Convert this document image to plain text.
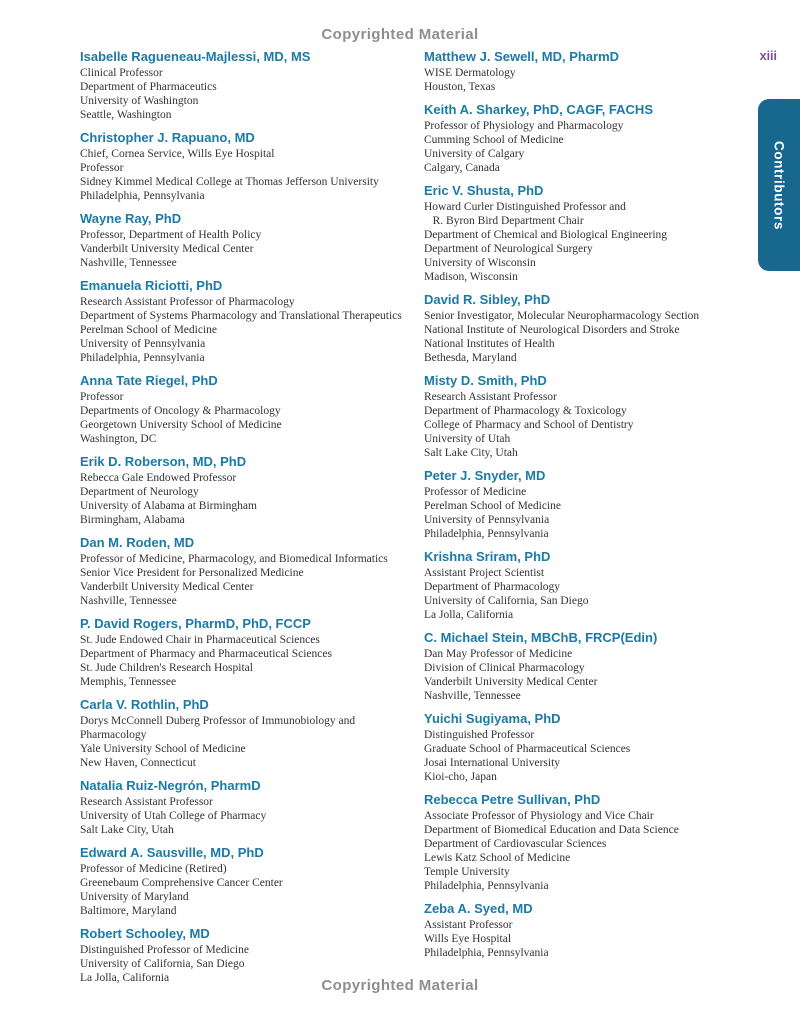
Copyrighted Material
xiii
Contributors
Isabelle Ragueneau-Majlessi, MD, MS
Clinical Professor
Department of Pharmaceutics
University of Washington
Seattle, Washington
Christopher J. Rapuano, MD
Chief, Cornea Service, Wills Eye Hospital
Professor
Sidney Kimmel Medical College at Thomas Jefferson University
Philadelphia, Pennsylvania
Wayne Ray, PhD
Professor, Department of Health Policy
Vanderbilt University Medical Center
Nashville, Tennessee
Emanuela Riciotti, PhD
Research Assistant Professor of Pharmacology
Department of Systems Pharmacology and Translational Therapeutics
Perelman School of Medicine
University of Pennsylvania
Philadelphia, Pennsylvania
Anna Tate Riegel, PhD
Professor
Departments of Oncology & Pharmacology
Georgetown University School of Medicine
Washington, DC
Erik D. Roberson, MD, PhD
Rebecca Gale Endowed Professor
Department of Neurology
University of Alabama at Birmingham
Birmingham, Alabama
Dan M. Roden, MD
Professor of Medicine, Pharmacology, and Biomedical Informatics
Senior Vice President for Personalized Medicine
Vanderbilt University Medical Center
Nashville, Tennessee
P. David Rogers, PharmD, PhD, FCCP
St. Jude Endowed Chair in Pharmaceutical Sciences
Department of Pharmacy and Pharmaceutical Sciences
St. Jude Children's Research Hospital
Memphis, Tennessee
Carla V. Rothlin, PhD
Dorys McConnell Duberg Professor of Immunobiology and
Pharmacology
Yale University School of Medicine
New Haven, Connecticut
Natalia Ruiz-Negrón, PharmD
Research Assistant Professor
University of Utah College of Pharmacy
Salt Lake City, Utah
Edward A. Sausville, MD, PhD
Professor of Medicine (Retired)
Greenebaum Comprehensive Cancer Center
University of Maryland
Baltimore, Maryland
Robert Schooley, MD
Distinguished Professor of Medicine
University of California, San Diego
La Jolla, California
Matthew J. Sewell, MD, PharmD
WISE Dermatology
Houston, Texas
Keith A. Sharkey, PhD, CAGF, FACHS
Professor of Physiology and Pharmacology
Cumming School of Medicine
University of Calgary
Calgary, Canada
Eric V. Shusta, PhD
Howard Curler Distinguished Professor and
R. Byron Bird Department Chair
Department of Chemical and Biological Engineering
Department of Neurological Surgery
University of Wisconsin
Madison, Wisconsin
David R. Sibley, PhD
Senior Investigator, Molecular Neuropharmacology Section
National Institute of Neurological Disorders and Stroke
National Institutes of Health
Bethesda, Maryland
Misty D. Smith, PhD
Research Assistant Professor
Department of Pharmacology & Toxicology
College of Pharmacy and School of Dentistry
University of Utah
Salt Lake City, Utah
Peter J. Snyder, MD
Professor of Medicine
Perelman School of Medicine
University of Pennsylvania
Philadelphia, Pennsylvania
Krishna Sriram, PhD
Assistant Project Scientist
Department of Pharmacology
University of California, San Diego
La Jolla, California
C. Michael Stein, MBChB, FRCP(Edin)
Dan May Professor of Medicine
Division of Clinical Pharmacology
Vanderbilt University Medical Center
Nashville, Tennessee
Yuichi Sugiyama, PhD
Distinguished Professor
Graduate School of Pharmaceutical Sciences
Josai International University
Kioi-cho, Japan
Rebecca Petre Sullivan, PhD
Associate Professor of Physiology and Vice Chair
Department of Biomedical Education and Data Science
Department of Cardiovascular Sciences
Lewis Katz School of Medicine
Temple University
Philadelphia, Pennsylvania
Zeba A. Syed, MD
Assistant Professor
Wills Eye Hospital
Philadelphia, Pennsylvania
Copyrighted Material
